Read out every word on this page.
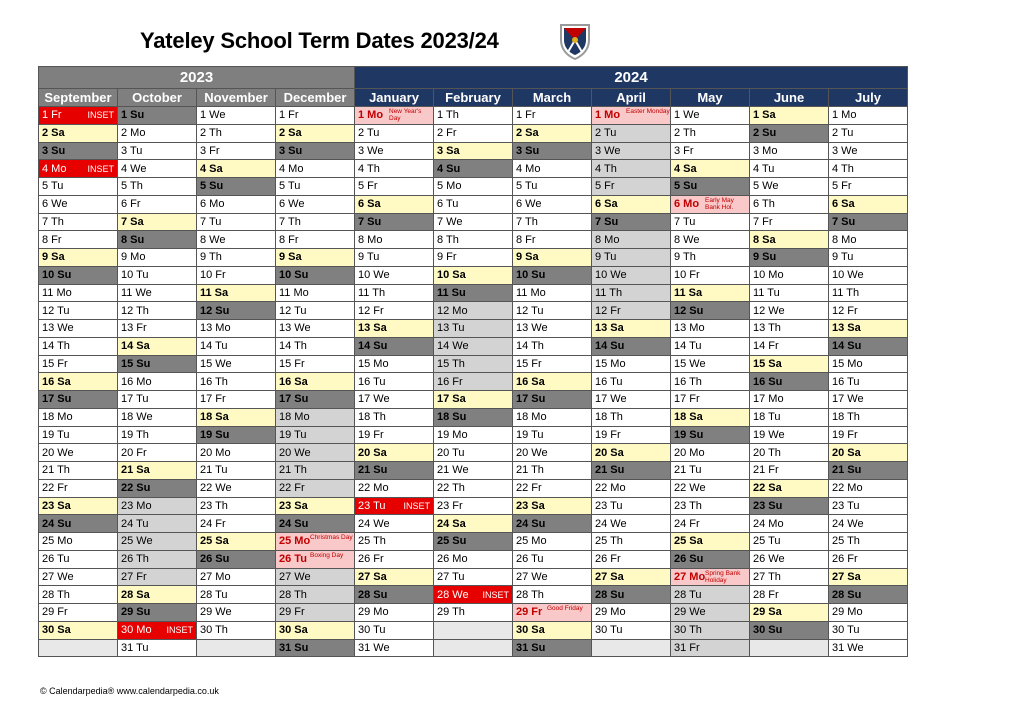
Yateley School Term Dates 2023/24
2023				2024						
September	October	November	December	January	February	March	April	May	June	July
1 Fr INSET	1 Su	1 We	1 Fr	1 Mo New Year's Day	1 Th	1 Fr	1 Mo Easter Monday	1 We	1 Sa	1 Mo
2 Sa	2 Mo	2 Th	2 Sa	2 Tu	2 Fr	2 Sa	2 Tu	2 Th	2 Su	2 Tu
3 Su	3 Tu	3 Fr	3 Su	3 We	3 Sa	3 Su	3 We	3 Fr	3 Mo	3 We
4 Mo INSET	4 We	4 Sa	4 Mo	4 Th	4 Su	4 Mo	4 Th	4 Sa	4 Tu	4 Th
5 Tu	5 Th	5 Su	5 Tu	5 Fr	5 Mo	5 Tu	5 Fr	5 Su	5 We	5 Fr
6 We	6 Fr	6 Mo	6 We	6 Sa	6 Tu	6 We	6 Sa	6 Mo Early May Bank Hol.	6 Th	6 Sa
7 Th	7 Sa	7 Tu	7 Th	7 Su	7 We	7 Th	7 Su	7 Tu	7 Fr	7 Su
8 Fr	8 Su	8 We	8 Fr	8 Mo	8 Th	8 Fr	8 Mo	8 We	8 Sa	8 Mo
9 Sa	9 Mo	9 Th	9 Sa	9 Tu	9 Fr	9 Sa	9 Tu	9 Th	9 Su	9 Tu
10 Su	10 Tu	10 Fr	10 Su	10 We	10 Sa	10 Su	10 We	10 Fr	10 Mo	10 We
11 Mo	11 We	11 Sa	11 Mo	11 Th	11 Su	11 Mo	11 Th	11 Sa	11 Tu	11 Th
12 Tu	12 Th	12 Su	12 Tu	12 Fr	12 Mo	12 Tu	12 Fr	12 Su	12 We	12 Fr
13 We	13 Fr	13 Mo	13 We	13 Sa	13 Tu	13 We	13 Sa	13 Mo	13 Th	13 Sa
14 Th	14 Sa	14 Tu	14 Th	14 Su	14 We	14 Th	14 Su	14 Tu	14 Fr	14 Su
15 Fr	15 Su	15 We	15 Fr	15 Mo	15 Th	15 Fr	15 Mo	15 We	15 Sa	15 Mo
16 Sa	16 Mo	16 Th	16 Sa	16 Tu	16 Fr	16 Sa	16 Tu	16 Th	16 Su	16 Tu
17 Su	17 Tu	17 Fr	17 Su	17 We	17 Sa	17 Su	17 We	17 Fr	17 Mo	17 We
18 Mo	18 We	18 Sa	18 Mo	18 Th	18 Su	18 Mo	18 Th	18 Sa	18 Tu	18 Th
19 Tu	19 Th	19 Su	19 Tu	19 Fr	19 Mo	19 Tu	19 Fr	19 Su	19 We	19 Fr
20 We	20 Fr	20 Mo	20 We	20 Sa	20 Tu	20 We	20 Sa	20 Mo	20 Th	20 Sa
21 Th	21 Sa	21 Tu	21 Th	21 Su	21 We	21 Th	21 Su	21 Tu	21 Fr	21 Su
22 Fr	22 Su	22 We	22 Fr	22 Mo	22 Th	22 Fr	22 Mo	22 We	22 Sa	22 Mo
23 Sa	23 Mo	23 Th	23 Sa	23 Tu INSET	23 Fr	23 Sa	23 Tu	23 Th	23 Su	23 Tu
24 Su	24 Tu	24 Fr	24 Su	24 We	24 Sa	24 Su	24 We	24 Fr	24 Mo	24 We
25 Mo	25 We	25 Sa	25 Mo Christmas Day	25 Th	25 Su	25 Mo	25 Th	25 Sa	25 Tu	25 Th
26 Tu	26 Th	26 Su	26 Tu Boxing Day	26 Fr	26 Mo	26 Tu	26 Fr	26 Su	26 We	26 Fr
27 We	27 Fr	27 Mo	27 We	27 Sa	27 Tu	27 We	27 Sa	27 Mo Spring Bank Holiday	27 Th	27 Sa
28 Th	28 Sa	28 Tu	28 Th	28 Su	28 We INSET	28 Th	28 Su	28 Tu	28 Fr	28 Su
29 Fr	29 Su	29 We	29 Fr	29 Mo	29 Th	29 Fr Good Friday	29 Mo	29 We	29 Sa	29 Mo
30 Sa	30 Mo INSET	30 Th	30 Sa	30 Tu		30 Sa	30 Tu	30 Th	30 Su	30 Tu
	31 Tu		31 Su	31 We		31 Su		31 Fr		31 We
© Calendarpedia® www.calendarpedia.co.uk
